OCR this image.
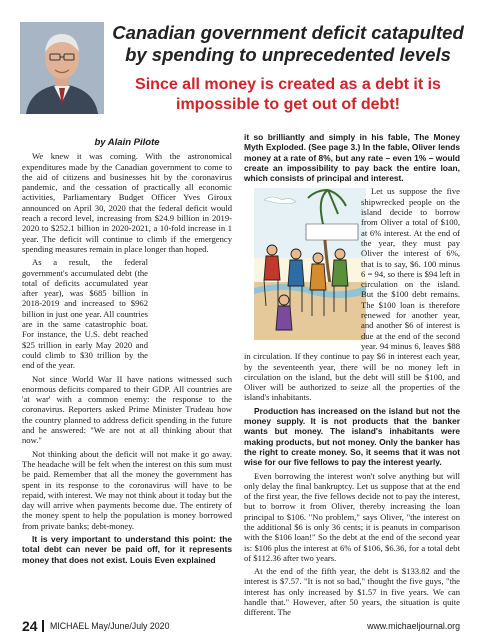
Canadian government deficit catapulted by spending to unprecedented levels
Since all money is created as a debt it is impossible to get out of debt!
by Alain Pilote

We knew it was coming. With the astronomical expenditures made by the Canadian government to come to the aid of citizens and businesses hit by the coronavirus pandemic, and the cessation of practically all economic activities, Parliamentary Budget Officer Yves Giroux announced on April 30, 2020 that the federal deficit would reach a record level, increasing from $24.9 billion in 2019-2020 to $252.1 billion in 2020-2021, a 10-fold increase in 1 year. The deficit will continue to climb if the emergency spending measures remain in place longer than hoped.

As a result, the federal government's accumulated debt (the total of deficits accumulated year after year), was $685 billion in 2018-2019 and increased to $962 billion in just one year. All countries are in the same catastrophic boat. For instance, the U.S. debt reached $25 trillion in early May 2020 and could climb to $30 trillion by the end of the year.

Not since World War II have nations witnessed such enormous deficits compared to their GDP. All countries are 'at war' with a common enemy: the response to the coronavirus. Reporters asked Prime Minister Trudeau how the country planned to address deficit spending in the future and he answered: "We are not at all thinking about that now."

Not thinking about the deficit will not make it go away. The headache will be felt when the interest on this sum must be paid. Remember that all the money the government has spent in its response to the coronavirus will have to be repaid, with interest. We may not think about it today but the day will arrive when payments become due. The entirety of the money spent to help the population is money borrowed from private banks; debt-money.

It is very important to understand this point: the total debt can never be paid off, for it represents money that does not exist. Louis Even explained

it so brilliantly and simply in his fable, The Money Myth Exploded. (See page 3.) In the fable, Oliver lends money at a rate of 8%, but any rate – even 1% – would create an impossibility to pay back the entire loan, which consists of principal and interest.

Let us suppose the five shipwrecked people on the island decide to borrow from Oliver a total of $100, at 6% interest. At the end of the year, they must pay Oliver the interest of 6%, that is to say, $6. 100 minus 6 = 94, so there is $94 left in circulation on the island. But the $100 debt remains. The $100 loan is therefore renewed for another year, and another $6 of interest is due at the end of the second year. 94 minus 6, leaves $88 in circulation. If they continue to pay $6 in interest each year, by the seventeenth year, there will be no money left in circulation on the island, but the debt will still be $100, and Oliver will be authorized to seize all the properties of the island's inhabitants.

Production has increased on the island but not the money supply. It is not products that the banker wants but money. The island's inhabitants were making products, but not money. Only the banker has the right to create money. So, it seems that it was not wise for our five fellows to pay the interest yearly.

Even borrowing the interest won't solve anything but will only delay the final bankruptcy. Let us suppose that at the end of the first year, the five fellows decide not to pay the interest, but to borrow it from Oliver, thereby increasing the loan principal to $106. "No problem," says Oliver, "the interest on the additional $6 is only 36 cents; it is peanuts in comparison with the $106 loan!" So the debt at the end of the second year is: $106 plus the interest at 6% of $106, $6.36, for a total debt of $112.36 after two years.

At the end of the fifth year, the debt is $133.82 and the interest is $7.57. "It is not so bad," thought the five guys, "the interest has only increased by $1.57 in five years. We can handle that." However, after 50 years, the situation is quite different. The

24 MICHAEL May/June/July 2020	www.michaeljournal.org
